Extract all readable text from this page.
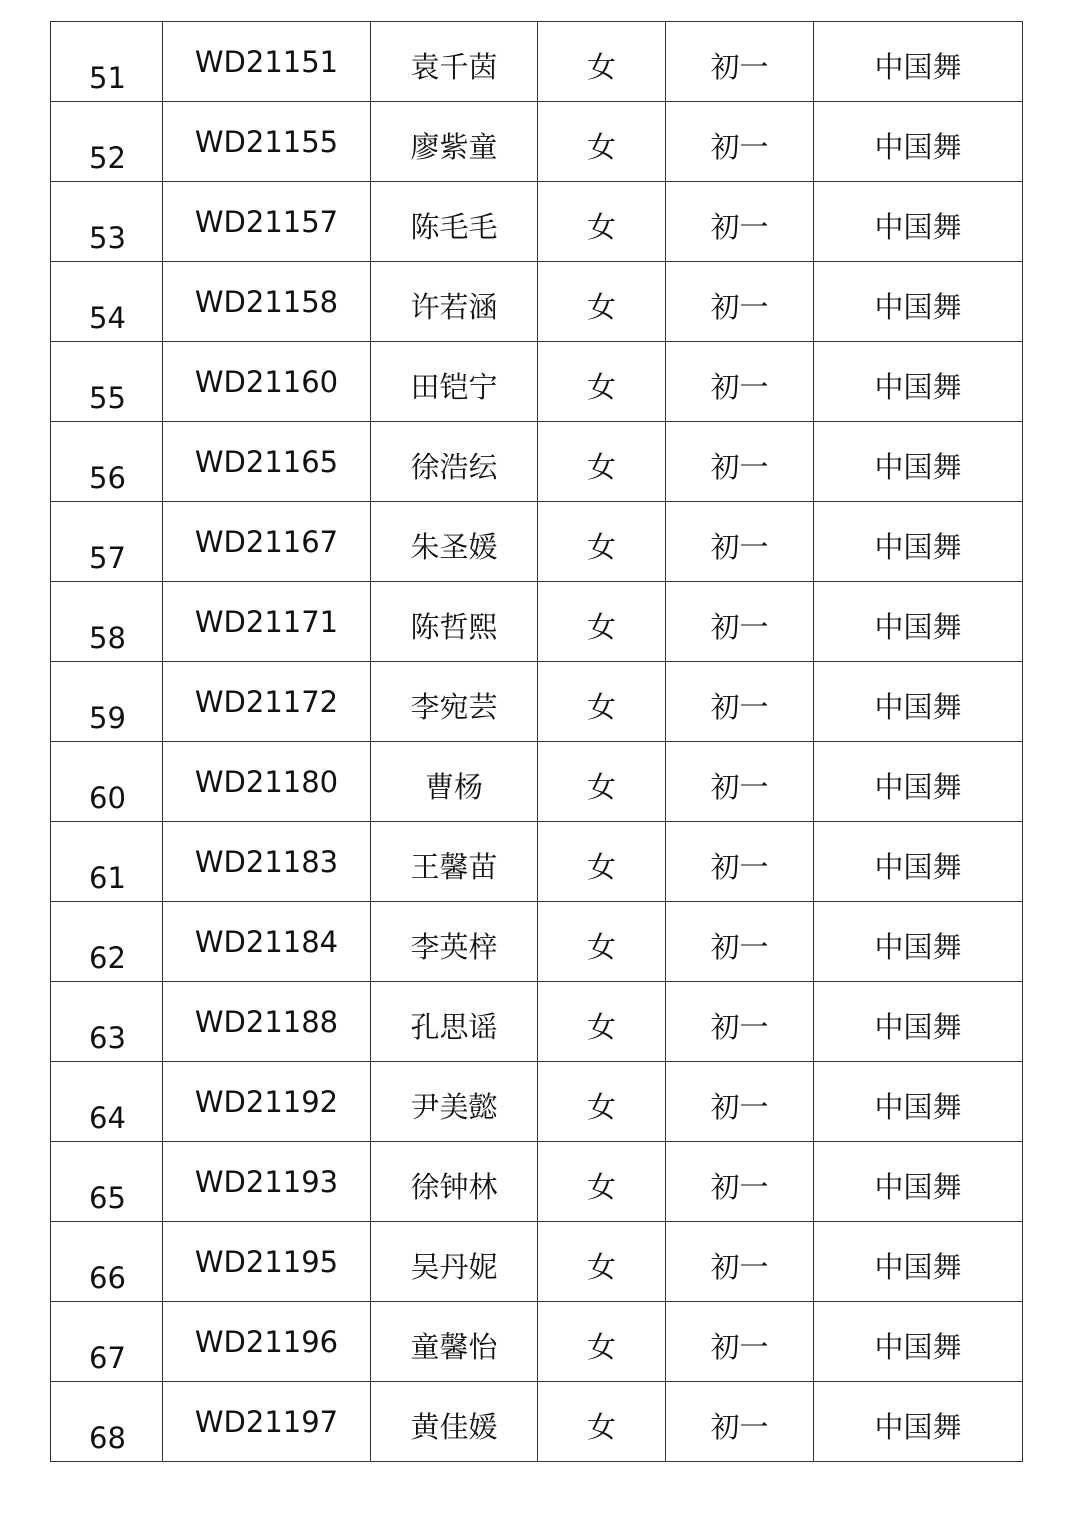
51	WD21151	袁千茵	女	初一	中国舞
52	WD21155	廖紫童	女	初一	中国舞
53	WD21157	陈毛毛	女	初一	中国舞
54	WD21158	许若涵	女	初一	中国舞
55	WD21160	田铠宁	女	初一	中国舞
56	WD21165	徐浩纭	女	初一	中国舞
57	WD21167	朱圣媛	女	初一	中国舞
58	WD21171	陈哲熙	女	初一	中国舞
59	WD21172	李宛芸	女	初一	中国舞
60	WD21180	曹杨	女	初一	中国舞
61	WD21183	王馨苗	女	初一	中国舞
62	WD21184	李英梓	女	初一	中国舞
63	WD21188	孔思谣	女	初一	中国舞
64	WD21192	尹美懿	女	初一	中国舞
65	WD21193	徐钟林	女	初一	中国舞
66	WD21195	吴丹妮	女	初一	中国舞
67	WD21196	童馨怡	女	初一	中国舞
68	WD21197	黄佳媛	女	初一	中国舞
